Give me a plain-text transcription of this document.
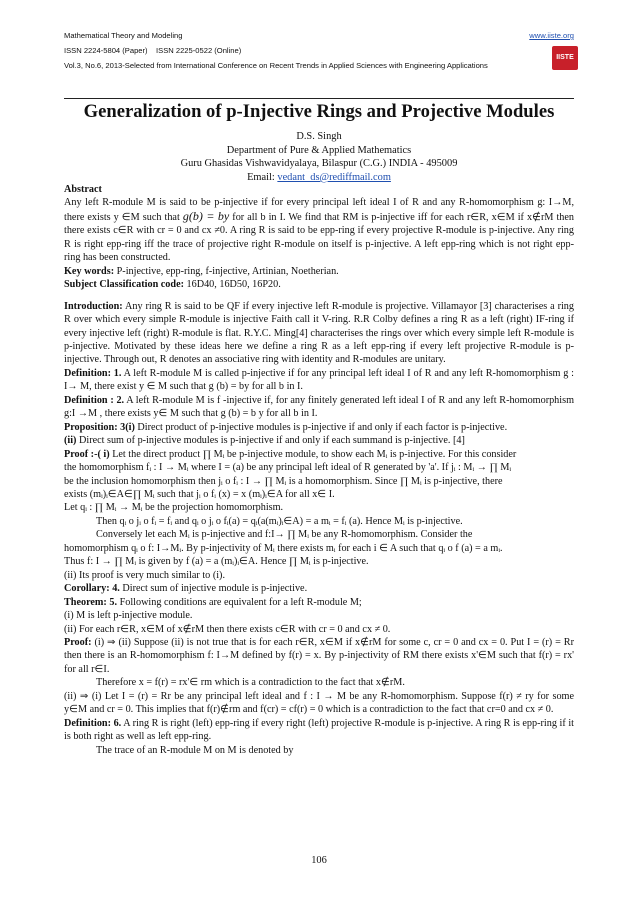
Mathematical Theory and Modeling	www.iiste.org
ISSN 2224-5804 (Paper)    ISSN 2225-0522 (Online)
Vol.3, No.6, 2013-Selected from International Conference on Recent Trends in Applied Sciences with Engineering Applications
IISTE
Generalization of p-Injective Rings and Projective Modules
D.S. Singh
Department of Pure & Applied Mathematics
Guru Ghasidas Vishwavidyalaya, Bilaspur (C.G.) INDIA - 495009
Email: vedant_ds@rediffmail.com

Abstract

Any left R-module M is said to be p-injective if for every principal left ideal I of R and any R-homomorphism g: I→M, there exists y ∈M such that g(b) = by for all b in I. We find that RM is p-injective iff for each r∈R, x∈M if x∉rM then there exists c∈R with cr = 0 and cx ≠0. A ring R is said to be epp-ring if every projective R-module is p-injective. Any ring R is right epp-ring iff the trace of projective right R-module on itself is p-injective. A left epp-ring which is not right epp-ring has been constructed.

Key words: P-injective, epp-ring, f-injective, Artinian, Noetherian.

Subject Classification code: 16D40, 16D50, 16P20.

Introduction: Any ring R is said to be QF if every injective left R-module is projective. Villamayor [3] characterises a ring R over which every simple R-module is injective Faith call it V-ring. R.R Colby defines a ring R as a left (right) IF-ring if every injective left (right) R-module is flat. R.Y.C. Ming[4] characterises the rings over which every simple left R-module is p-injective. Motivated by these ideas here we define a ring R as a left epp-ring if every left projective R-module is p-injective. Through out, R denotes an associative ring with identity and R-modules are unitary.

Definition: 1. A left R-module M is called p-injective if for any principal left ideal I of R and any left R-homomorphism g : I→ M, there exist y ∈ M such that g (b) = by for all b in I.

Definition : 2. A left R-module M is f -injective if, for any finitely generated left ideal I of R and any left R-homomorphism g:I →M , there exists y∈ M such that g (b) = b y for all b in I.

Proposition: 3(i) Direct product of p-injective modules is p-injective if and only if each factor is p-injective.

(ii) Direct sum of p-injective modules is p-injective if and only if each summand is p-injective. [4]

Proof :-( i) Let the direct product ∏ Mᵢ be p-injective module, to show each Mᵢ is p-injective. For this consider

the homomorphism fᵢ : I → Mᵢ where I = (a) be any principal left ideal of R generated by 'a'. If jᵢ : Mᵢ → ∏ Mᵢ

be the inclusion homomorphism then jᵢ o fᵢ : I → ∏ Mᵢ is a homomorphism. Since ∏ Mᵢ is p-injective, there

exists (mᵢ)ᵢ∈A∈∏ Mᵢ such that jᵢ o fᵢ (x) = x (mᵢ)ᵢ∈A for all x∈ I.

Let qᵢ : ∏ Mᵢ → Mᵢ be the projection homomorphism.

Then qᵢ o jᵢ o fᵢ = fᵢ and qᵢ o jᵢ o fᵢ(a) = qᵢ(a(mᵢ)ᵢ∈A) = a mᵢ = fᵢ (a). Hence Mᵢ is p-injective.

Conversely let each Mᵢ is p-injective and f:I→ ∏ Mᵢ be any R-homomorphism. Consider the

homomorphism qᵢ o f: I→Mᵢ. By p-injectivity of Mᵢ there exists mᵢ for each i ∈ A such that qᵢ o f (a) = a mᵢ.

Thus f: I → ∏ Mᵢ is given by f (a) = a (mᵢ)ᵢ∈A. Hence ∏ Mᵢ is p-injective.

(ii) Its proof is very much similar to (i).

Corollary: 4. Direct sum of injective module is p-injective.

Theorem: 5. Following conditions are equivalent for a left R-module M;

(i) M is left p-injective module.

(ii) For each r∈R, x∈M of x∉rM then there exists c∈R with cr = 0 and cx ≠ 0.

Proof: (i) ⇒ (ii) Suppose (ii) is not true that is for each r∈R, x∈M if x∉rM for some c, cr = 0 and cx = 0. Put I = (r) = Rr then there is an R-homomorphism f: I→M defined by f(r) = x. By p-injectivity of RM there exists x'∈M such that f(r) = rx' for all r∈I.

Therefore x = f(r) = rx'∈ rm which is a contradiction to the fact that x∉rM.

(ii) ⇒ (i) Let I = (r) = Rr be any principal left ideal and f : I → M be any R-homomorphism. Suppose f(r) ≠ ry for some y∈M and cr = 0. This implies that f(r)∉rm and f(cr) = cf(r) = 0 which is a contradiction to the fact that cr=0 and cx ≠ 0.

Definition: 6. A ring R is right (left) epp-ring if every right (left) projective R-module is p-injective. A ring R is epp-ring if it is both right as well as left epp-ring.

The trace of an R-module M on M is denoted by

106
